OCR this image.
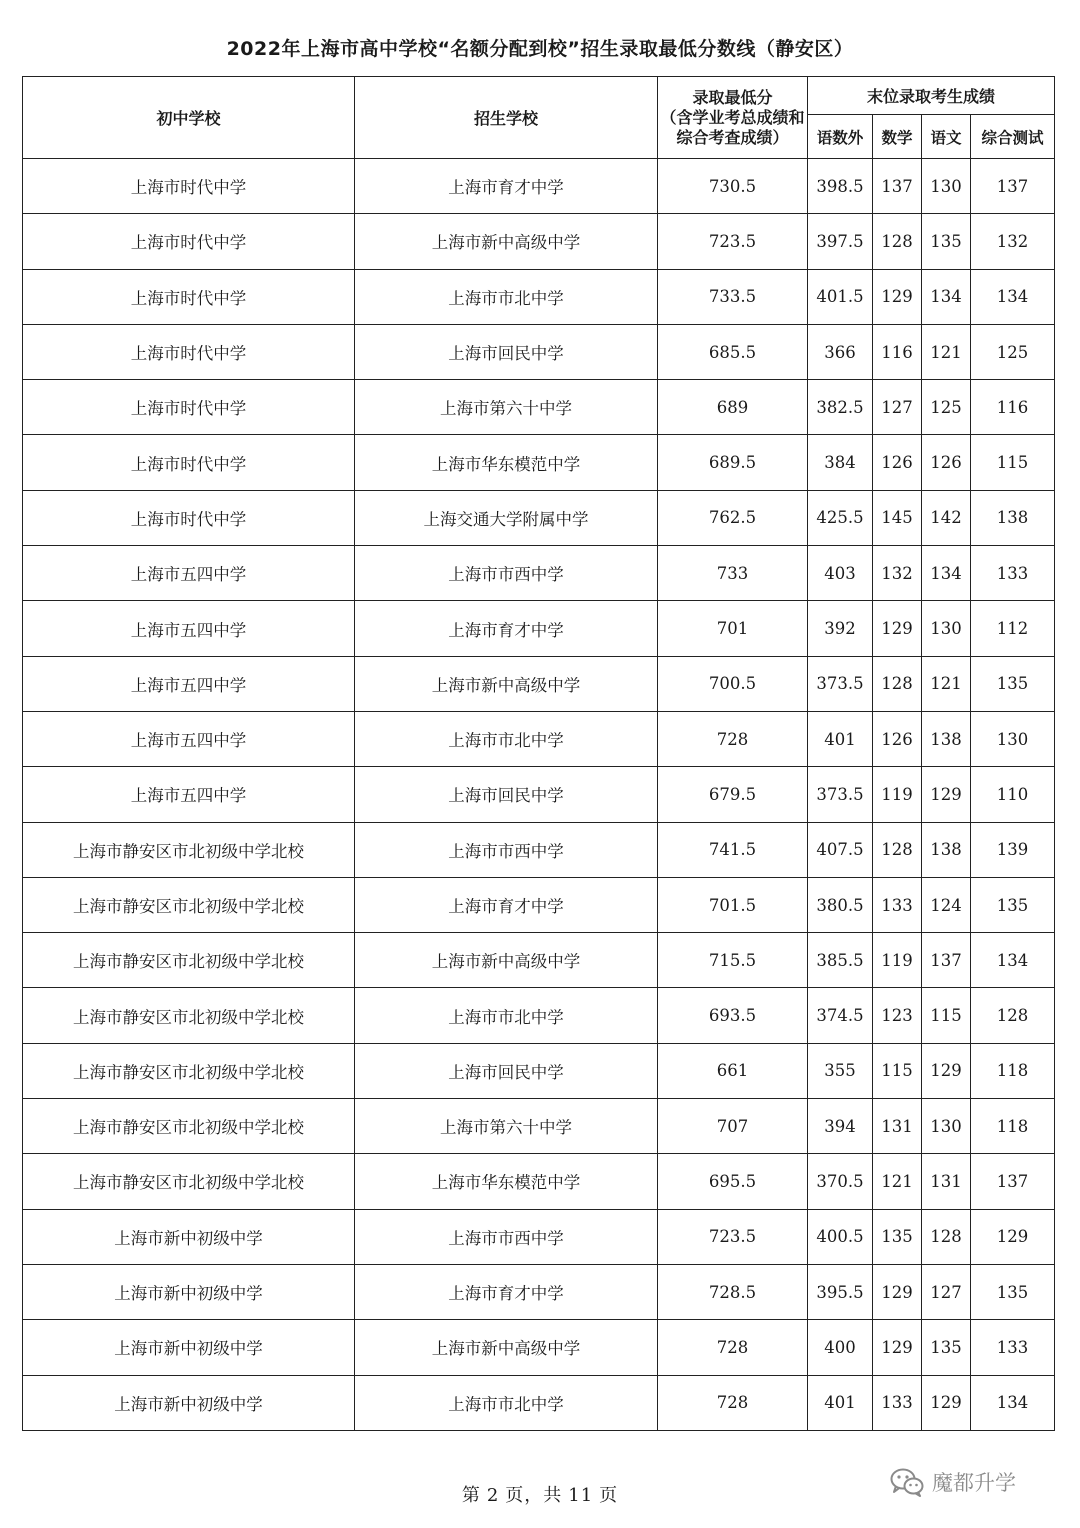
2022年上海市高中学校“名额分配到校”招生录取最低分数线（静安区）
初中学校	招生学校	录取最低分
（含学业考总成绩和综合考查成绩）	末位录取考生成绩			
			语数外	数学	语文	综合测试
上海市时代中学	上海市育才中学	730.5	398.5	137	130	137
上海市时代中学	上海市新中高级中学	723.5	397.5	128	135	132
上海市时代中学	上海市市北中学	733.5	401.5	129	134	134
上海市时代中学	上海市回民中学	685.5	366	116	121	125
上海市时代中学	上海市第六十中学	689	382.5	127	125	116
上海市时代中学	上海市华东模范中学	689.5	384	126	126	115
上海市时代中学	上海交通大学附属中学	762.5	425.5	145	142	138
上海市五四中学	上海市市西中学	733	403	132	134	133
上海市五四中学	上海市育才中学	701	392	129	130	112
上海市五四中学	上海市新中高级中学	700.5	373.5	128	121	135
上海市五四中学	上海市市北中学	728	401	126	138	130
上海市五四中学	上海市回民中学	679.5	373.5	119	129	110
上海市静安区市北初级中学北校	上海市市西中学	741.5	407.5	128	138	139
上海市静安区市北初级中学北校	上海市育才中学	701.5	380.5	133	124	135
上海市静安区市北初级中学北校	上海市新中高级中学	715.5	385.5	119	137	134
上海市静安区市北初级中学北校	上海市市北中学	693.5	374.5	123	115	128
上海市静安区市北初级中学北校	上海市回民中学	661	355	115	129	118
上海市静安区市北初级中学北校	上海市第六十中学	707	394	131	130	118
上海市静安区市北初级中学北校	上海市华东模范中学	695.5	370.5	121	131	137
上海市新中初级中学	上海市市西中学	723.5	400.5	135	128	129
上海市新中初级中学	上海市育才中学	728.5	395.5	129	127	135
上海市新中初级中学	上海市新中高级中学	728	400	129	135	133
上海市新中初级中学	上海市市北中学	728	401	133	129	134
第 2 页，共 11 页
魔都升学
